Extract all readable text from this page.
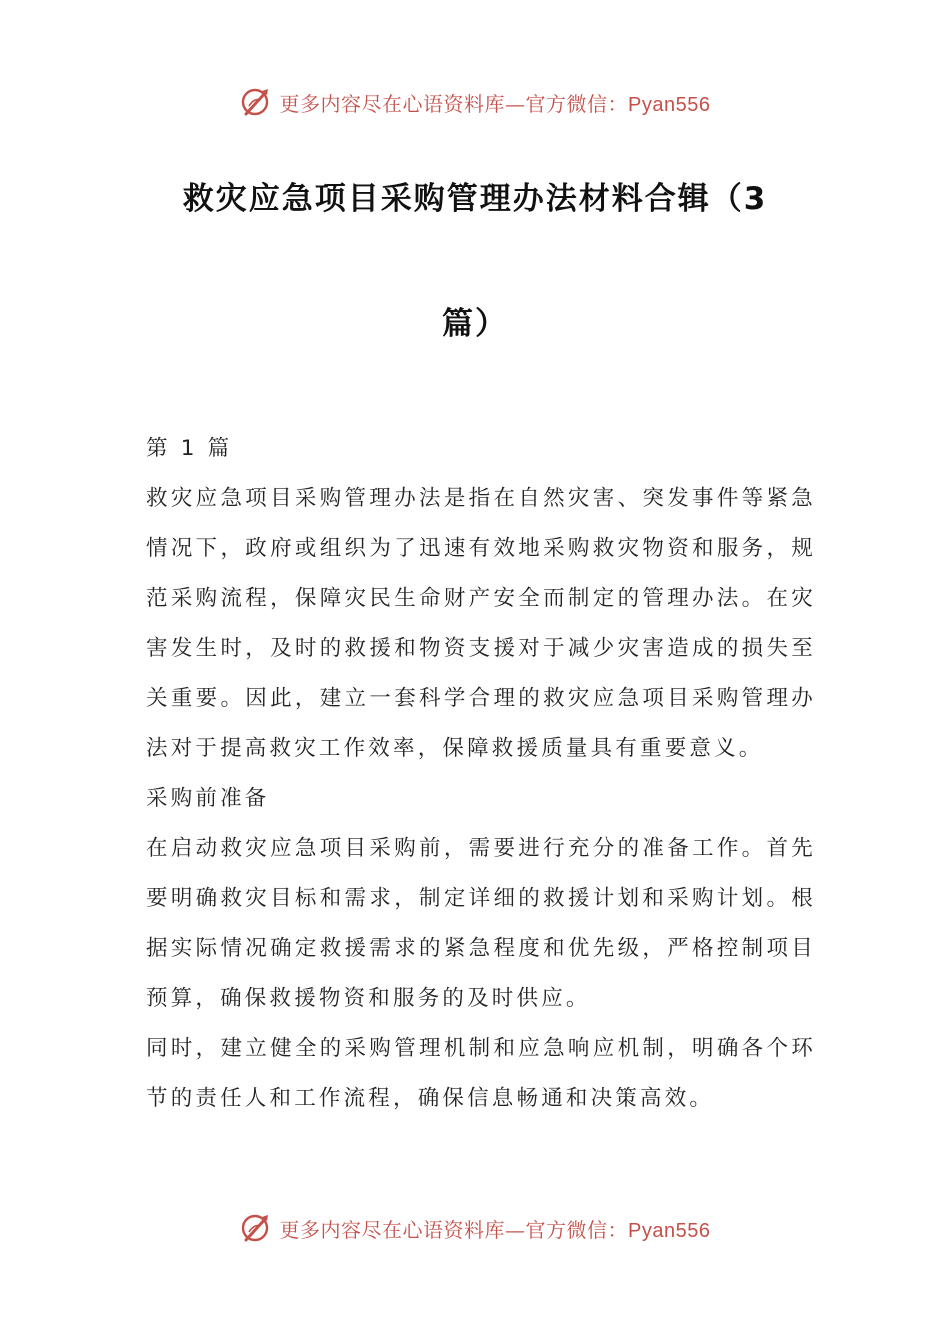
更多内容尽在心语资料库—官方微信：Pyan556
救灾应急项目采购管理办法材料合辑（3
篇）

第 1 篇

救灾应急项目采购管理办法是指在自然灾害、突发事件等紧急情况下，政府或组织为了迅速有效地采购救灾物资和服务，规范采购流程，保障灾民生命财产安全而制定的管理办法。在灾害发生时，及时的救援和物资支援对于减少灾害造成的损失至关重要。因此，建立一套科学合理的救灾应急项目采购管理办法对于提高救灾工作效率，保障救援质量具有重要意义。

采购前准备

在启动救灾应急项目采购前，需要进行充分的准备工作。首先要明确救灾目标和需求，制定详细的救援计划和采购计划。根据实际情况确定救援需求的紧急程度和优先级，严格控制项目预算，确保救援物资和服务的及时供应。

同时，建立健全的采购管理机制和应急响应机制，明确各个环节的责任人和工作流程，确保信息畅通和决策高效。

更多内容尽在心语资料库—官方微信：Pyan556
